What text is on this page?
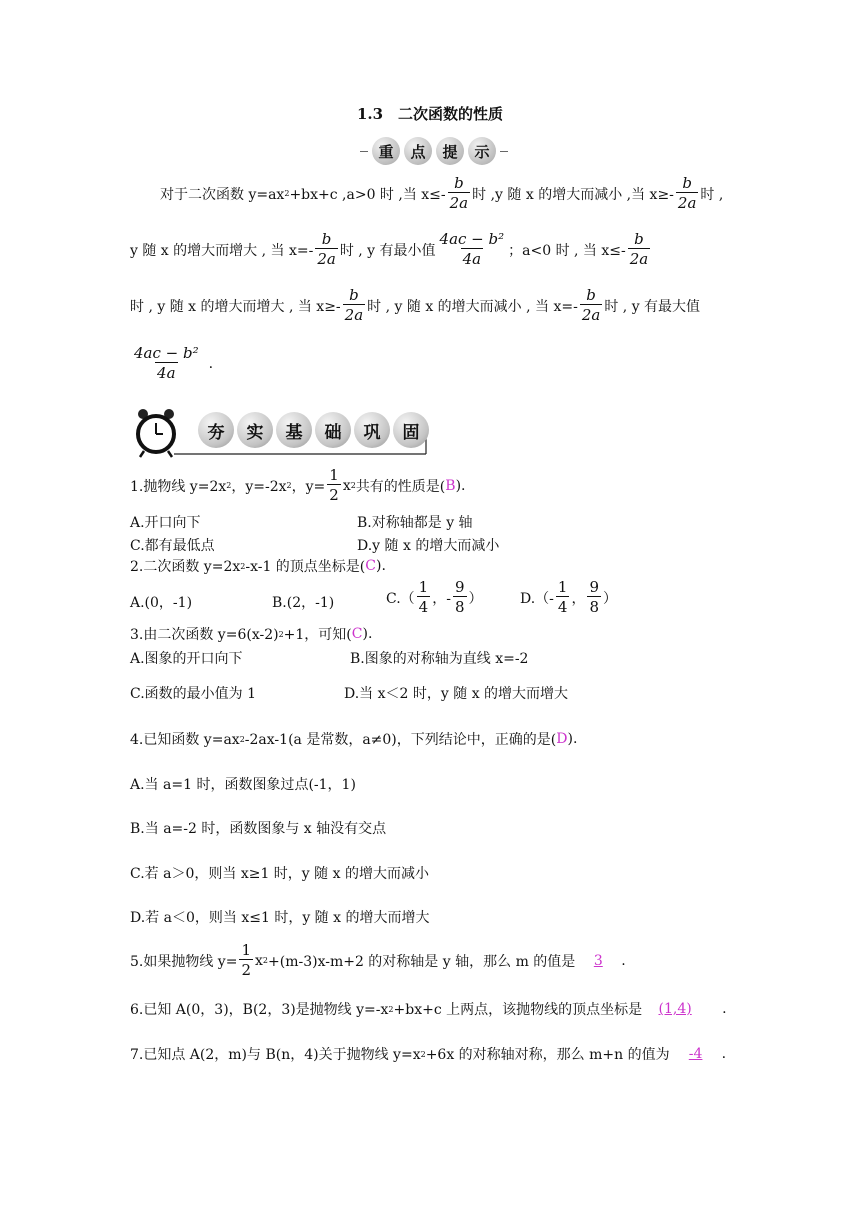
1.3　二次函数的性质
重	点	提	示
对于二次函数 y=ax 2 +bx+c ,a>0 时 ,当 $x\le- \frac{b}{2a}$ 时 ,y 随 x 的增大而减小 ,当 $x\ge- \frac{b}{2a}$ 时 ,
y 随 x 的增大而增大 , 当 $x=- \frac{b}{2a}$ 时 , y 有最小值 $\frac{\text{4ac − b²}}{4a}$ ；a<0 时 , 当 $x\le- \frac{b}{2a}$
时 , y 随 x 的增大而增大 , 当 $x\ge- \frac{b}{2a}$ 时 , y 随 x 的增大而减小 , 当 $x=- \frac{b}{2a}$ 时 , y 有最大值
$\frac{\text{4ac − b²}}{4a}$ .
夯	实	基	础	巩	固
1.抛物线 y=2x 2 ，y=-2x 2 ，$y= \frac{1}{2}$ x 2 共有的性质是( B ).
A.开口向下	B.对称轴都是 y 轴
C.都有最低点	D.y 随 x 的增大而减小
2.二次函数 y=2x 2 -x-1 的顶点坐标是( C ).
A.(0，-1)	B.(2，-1)	$C.( \frac{1}{4}$ ，- $\frac{9}{8}$ ）	$D.(- \frac{1}{4}$ ， $\frac{9}{8}$ ）
3.由二次函数 y=6(x-2) 2 +1，可知( C ).
A.图象的开口向下	B.图象的对称轴为直线 x=-2
C.函数的最小值为 1	D.当 x＜2 时，y 随 x 的增大而增大
4.已知函数 y=ax 2 -2ax-1(a 是常数，a≠0)，下列结论中，正确的是( D ).
A.当 a=1 时，函数图象过点(-1，1)
B.当 a=-2 时，函数图象与 x 轴没有交点
C.若 a＞0，则当 x≥1 时，y 随 x 的增大而减小
D.若 a＜0，则当 x≤1 时，y 随 x 的增大而增大
5.如果抛物线 $y= \frac{1}{2}$ x 2 +(m-3)x-m+2 的对称轴是 y 轴，那么 m 的值是	3	.
6.已知 A(0，3)，B(2，3)是抛物线 y=-x 2 +bx+c 上两点，该抛物线的顶点坐标是	(1,4)	.
7.已知点 A(2，m)与 B(n，4)关于抛物线 y=x 2 +6x 的对称轴对称，那么 m+n 的值为	-4	.
